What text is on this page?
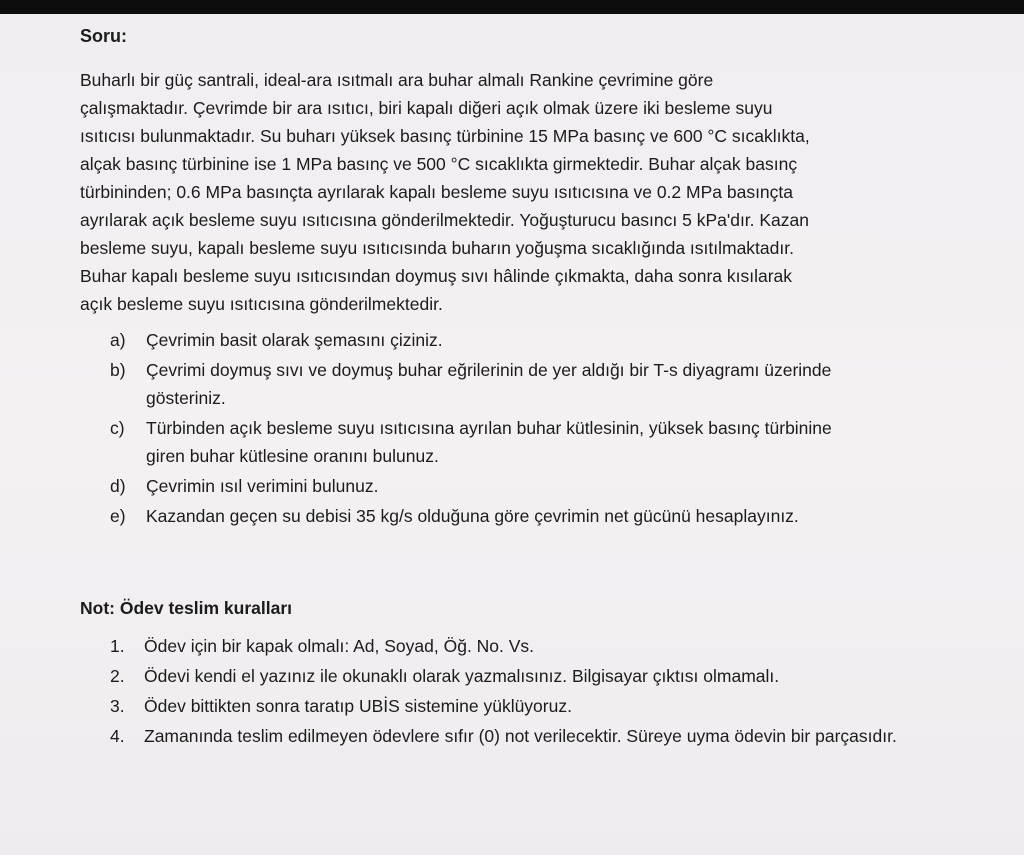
Soru:

Buharlı bir güç santrali, ideal-ara ısıtmalı ara buhar almalı Rankine çevrimine göre

çalışmaktadır. Çevrimde bir ara ısıtıcı, biri kapalı diğeri açık olmak üzere iki besleme suyu

ısıtıcısı bulunmaktadır. Su buharı yüksek basınç türbinine 15 MPa basınç ve 600 °C sıcaklıkta,

alçak basınç türbinine ise 1 MPa basınç ve 500 °C sıcaklıkta girmektedir. Buhar alçak basınç

türbininden; 0.6 MPa basınçta ayrılarak kapalı besleme suyu ısıtıcısına ve 0.2 MPa basınçta

ayrılarak açık besleme suyu ısıtıcısına gönderilmektedir. Yoğuşturucu basıncı 5 kPa'dır. Kazan

besleme suyu, kapalı besleme suyu ısıtıcısında buharın yoğuşma sıcaklığında ısıtılmaktadır.

Buhar kapalı besleme suyu ısıtıcısından doymuş sıvı hâlinde çıkmakta, daha sonra kısılarak

açık besleme suyu ısıtıcısına gönderilmektedir.

a)	Çevrimin basit olarak şemasını çiziniz.
b)	Çevrimi doymuş sıvı ve doymuş buhar eğrilerinin de yer aldığı bir T-s diyagramı üzerinde gösteriniz.
c)	Türbinden açık besleme suyu ısıtıcısına ayrılan buhar kütlesinin, yüksek basınç türbinine giren buhar kütlesine oranını bulunuz.
d)	Çevrimin ısıl verimini bulunuz.
e)	Kazandan geçen su debisi 35 kg/s olduğuna göre çevrimin net gücünü hesaplayınız.
Not: Ödev teslim kuralları
1.	Ödev için bir kapak olmalı: Ad, Soyad, Öğ. No. Vs.
2.	Ödevi kendi el yazınız ile okunaklı olarak yazmalısınız. Bilgisayar çıktısı olmamalı.
3.	Ödev bittikten sonra taratıp UBİS sistemine yüklüyoruz.
4.	Zamanında teslim edilmeyen ödevlere sıfır (0) not verilecektir. Süreye uyma ödevin bir parçasıdır.
